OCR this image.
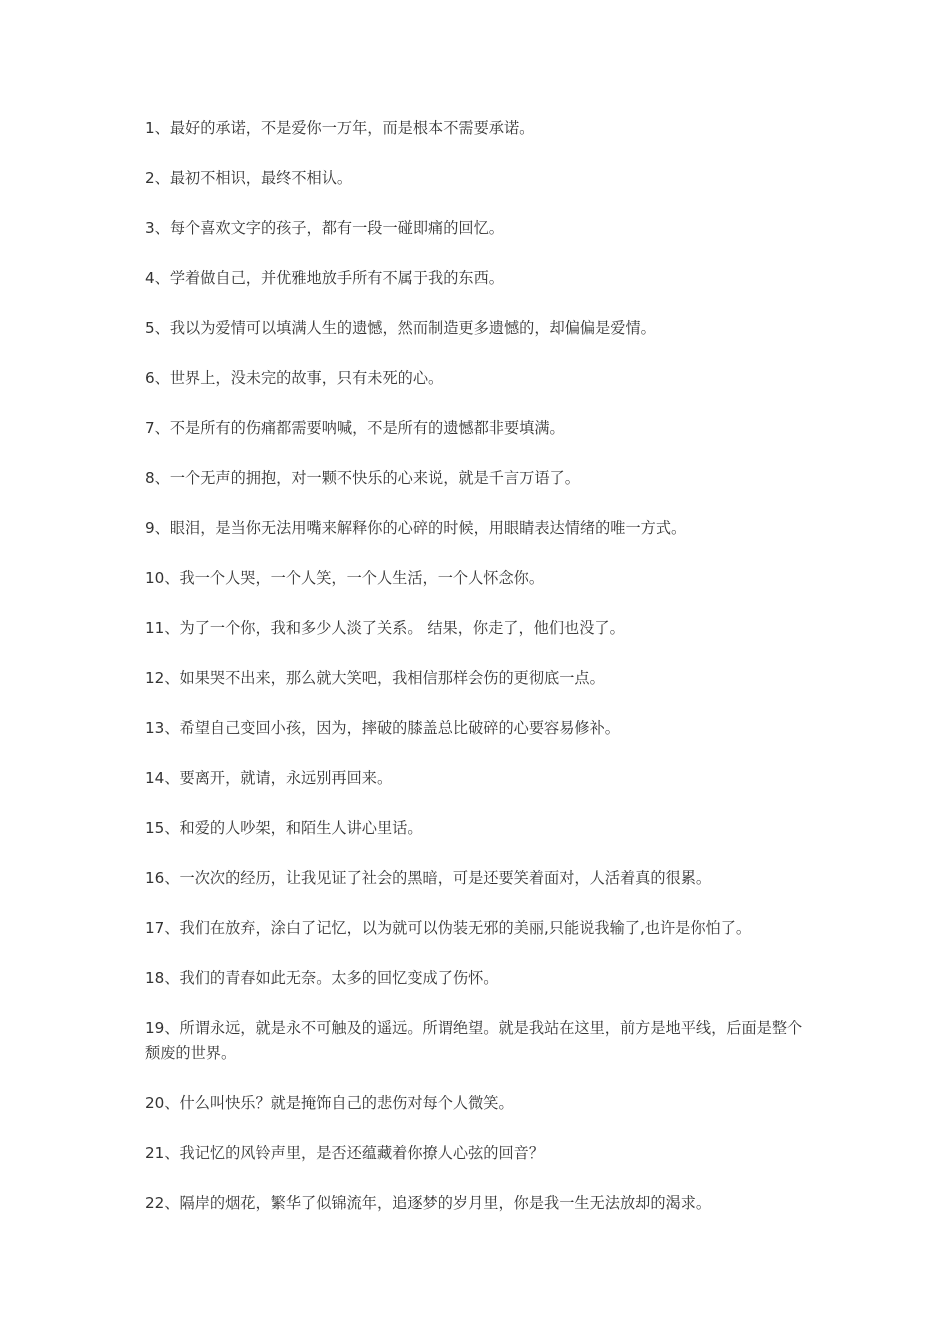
1、最好的承诺，不是爱你一万年，而是根本不需要承诺。
2、最初不相识，最终不相认。
3、每个喜欢文字的孩子，都有一段一碰即痛的回忆。
4、学着做自己，并优雅地放手所有不属于我的东西。
5、我以为爱情可以填满人生的遗憾，然而制造更多遗憾的，却偏偏是爱情。
6、世界上，没未完的故事，只有未死的心。
7、不是所有的伤痛都需要呐喊，不是所有的遗憾都非要填满。
8、一个无声的拥抱，对一颗不快乐的心来说，就是千言万语了。
9、眼泪，是当你无法用嘴来解释你的心碎的时候，用眼睛表达情绪的唯一方式。
10、我一个人哭，一个人笑，一个人生活，一个人怀念你。
11、为了一个你，我和多少人淡了关系。 结果，你走了，他们也没了。
12、如果哭不出来，那么就大笑吧，我相信那样会伤的更彻底一点。
13、希望自己变回小孩，因为，摔破的膝盖总比破碎的心要容易修补。
14、要离开，就请，永远别再回来。
15、和爱的人吵架，和陌生人讲心里话。
16、一次次的经历，让我见证了社会的黑暗，可是还要笑着面对，人活着真的很累。
17、我们在放弃，涂白了记忆，以为就可以伪装无邪的美丽,只能说我输了,也许是你怕了。
18、我们的青春如此无奈。太多的回忆变成了伤怀。
19、所谓永远，就是永不可触及的遥远。所谓绝望。就是我站在这里，前方是地平线，后面是整个颓废的世界。
20、什么叫快乐？就是掩饰自己的悲伤对每个人微笑。
21、我记忆的风铃声里，是否还蕴藏着你撩人心弦的回音？
22、隔岸的烟花，繁华了似锦流年，追逐梦的岁月里，你是我一生无法放却的渴求。
